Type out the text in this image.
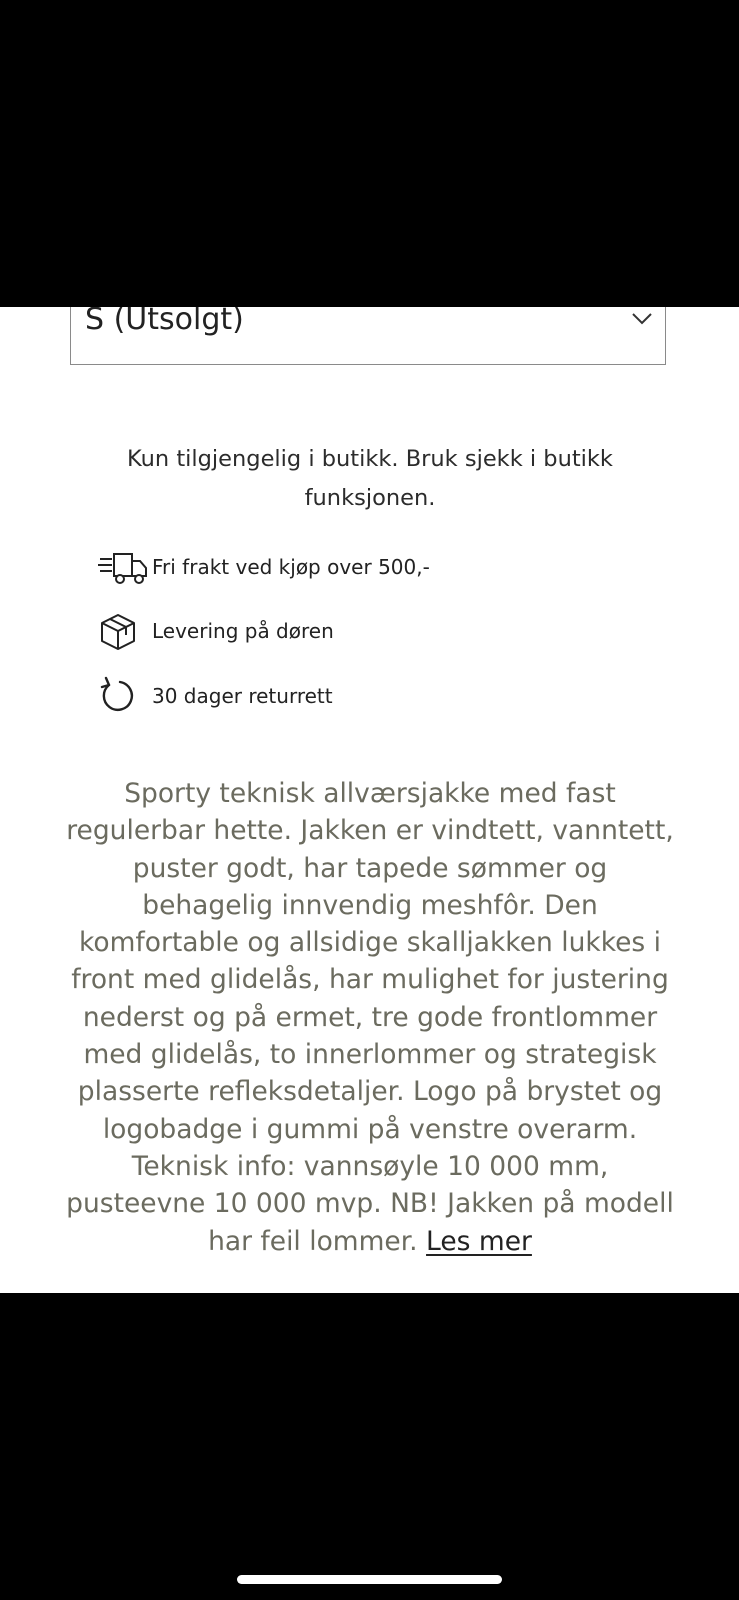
S (Utsolgt)
Kun tilgjengelig i butikk. Bruk sjekk i butikk funksjonen.
Fri frakt ved kjøp over 500,-
Levering på døren
30 dager returrett
Sporty teknisk allværsjakke med fast regulerbar hette. Jakken er vindtett, vanntett, puster godt, har tapede sømmer og behagelig innvendig meshfôr. Den komfortable og allsidige skalljakken lukkes i front med glidelås, har mulighet for justering nederst og på ermet, tre gode frontlommer med glidelås, to innerlommer og strategisk plasserte refleksdetaljer. Logo på brystet og logobadge i gummi på venstre overarm. Teknisk info: vannsøyle 10 000 mm, pusteevne 10 000 mvp. NB! Jakken på modell har feil lommer. Les mer
